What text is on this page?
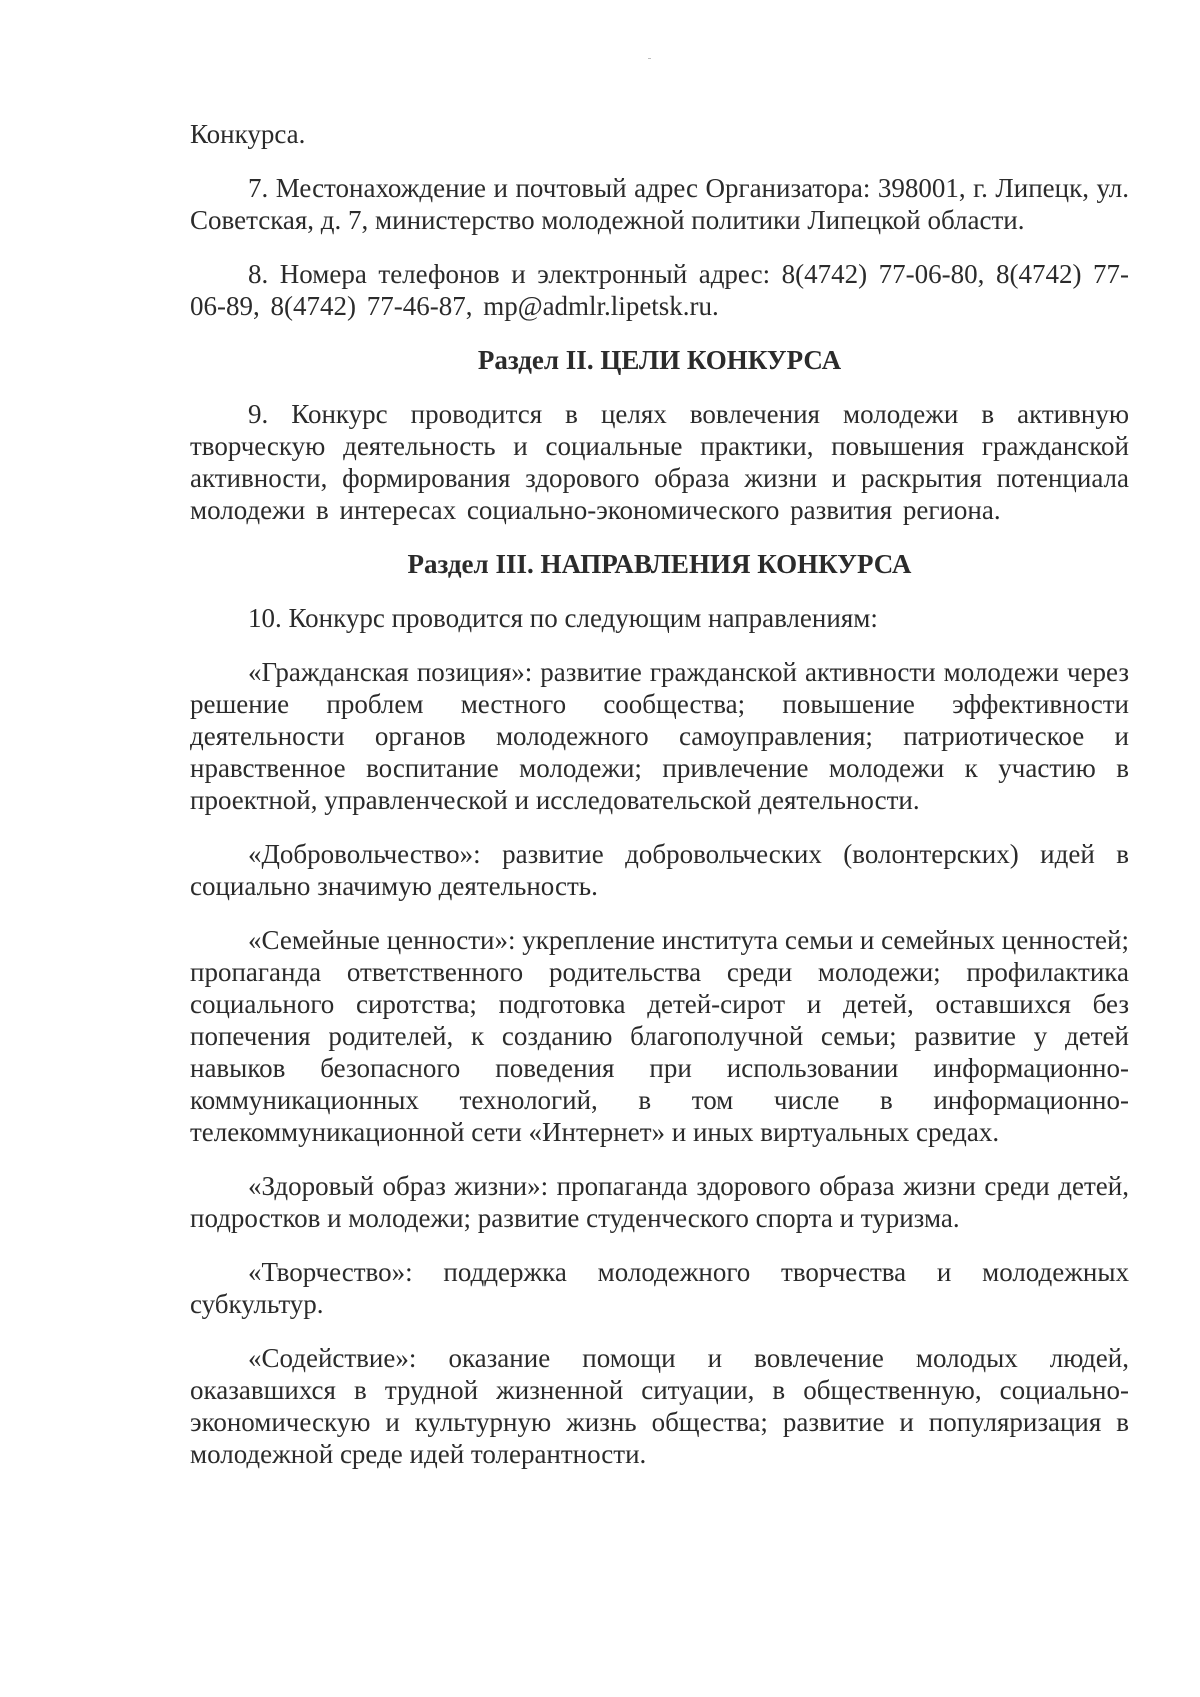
Конкурса.

7. Местонахождение и почтовый адрес Организатора: 398001, г. Липецк, ул. Советская, д. 7, министерство молодежной политики Липецкой области.

8. Номера телефонов и электронный адрес: 8(4742) 77-06-80, 8(4742) 77-06-89, 8(4742) 77-46-87, mp@admlr.lipetsk.ru.

Раздел II. ЦЕЛИ КОНКУРСА

9. Конкурс проводится в целях вовлечения молодежи в активную творческую деятельность и социальные практики, повышения гражданской активности, формирования здорового образа жизни и раскрытия потенциала молодежи в интересах социально-экономического развития региона.

Раздел III. НАПРАВЛЕНИЯ КОНКУРСА

10. Конкурс проводится по следующим направлениям:

«Гражданская позиция»: развитие гражданской активности молодежи через решение проблем местного сообщества; повышение эффективности деятельности органов молодежного самоуправления; патриотическое и нравственное воспитание молодежи; привлечение молодежи к участию в проектной, управленческой и исследовательской деятельности.

«Добровольчество»: развитие добровольческих (волонтерских) идей в социально значимую деятельность.

«Семейные ценности»: укрепление института семьи и семейных ценностей; пропаганда ответственного родительства среди молодежи; профилактика социального сиротства; подготовка детей-сирот и детей, оставшихся без попечения родителей, к созданию благополучной семьи; развитие у детей навыков безопасного поведения при использовании информационно-коммуникационных технологий, в том числе в информационно-телекоммуникационной сети «Интернет» и иных виртуальных средах.

«Здоровый образ жизни»: пропаганда здорового образа жизни среди детей, подростков и молодежи; развитие студенческого спорта и туризма.

«Творчество»: поддержка молодежного творчества и молодежных субкультур.

«Содействие»: оказание помощи и вовлечение молодых людей, оказавшихся в трудной жизненной ситуации, в общественную, социально-экономическую и культурную жизнь общества; развитие и популяризация в молодежной среде идей толерантности.
